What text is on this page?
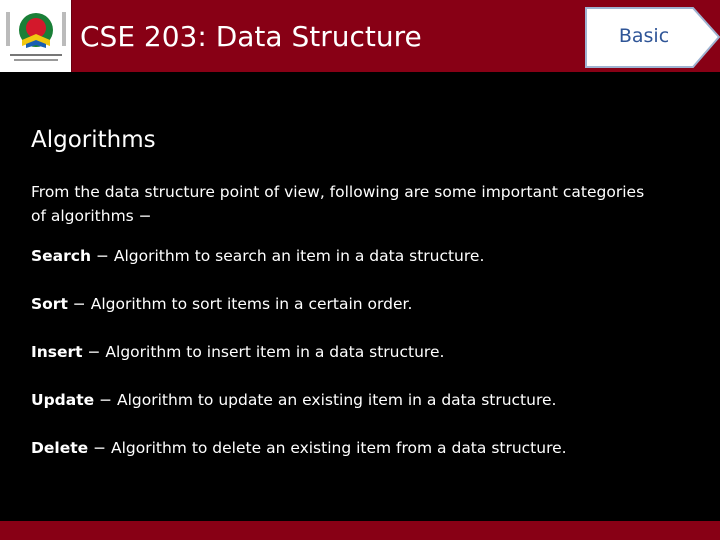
CSE 203: Data Structure	Basic
Algorithms
From the data structure point of view, following are some important categories of algorithms −
Search − Algorithm to search an item in a data structure.
Sort − Algorithm to sort items in a certain order.
Insert − Algorithm to insert item in a data structure.
Update − Algorithm to update an existing item in a data structure.
Delete − Algorithm to delete an existing item from a data structure.
